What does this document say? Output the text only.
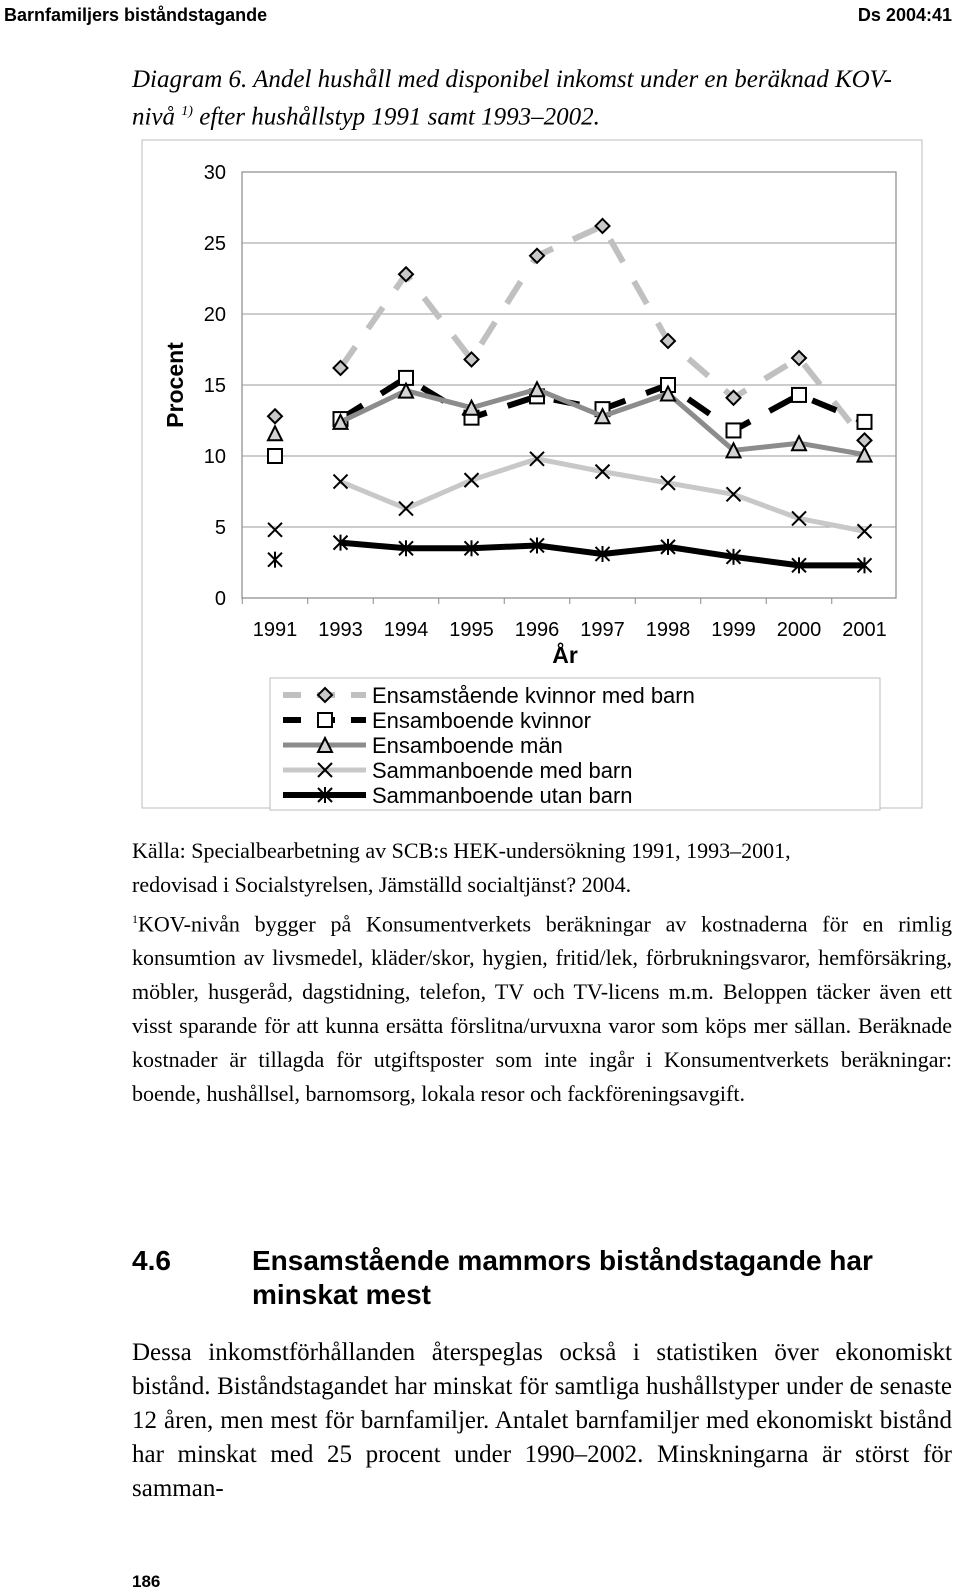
Barnfamiljers biståndstagande	Ds 2004:41

Diagram 6. Andel hushåll med disponibel inkomst under en beräknad KOV-
nivå $^{1)}$ efter hushållstyp 1991 samt 1993–2002.

0
5
10
15
20
25
30
1991 1993 1994 1995 1996 1997 1998 1999 2000 2001
Procent
År
Ensamstående kvinnor med barn
Ensamboende kvinnor
Ensamboende män
Sammanboende med barn
Sammanboende utan barn

Källa: Specialbearbetning av SCB:s HEK-undersökning 1991, 1993–2001,
redovisad i Socialstyrelsen, Jämställd socialtjänst? 2004.

$^1$KOV-nivån bygger på Konsumentverkets beräkningar av kostnaderna för en rimlig konsumtion av livsmedel, kläder/skor, hygien, fritid/lek, förbrukningsvaror, hemförsäkring, möbler, husgeråd, dagstidning, telefon, TV och TV-licens m.m. Beloppen täcker även ett visst sparande för att kunna ersätta förslitna/urvuxna varor som köps mer sällan. Beräknade kostnader är tillagda för utgiftsposter som inte ingår i Konsumentverkets beräkningar: boende, hushållsel, barnomsorg, lokala resor och fackföreningsavgift.

4.6	Ensamstående mammors biståndstagande har minskat mest

Dessa inkomstförhållanden återspeglas också i statistiken över ekonomiskt bistånd. Biståndstagandet har minskat för samtliga hushållstyper under de senaste 12 åren, men mest för barnfamiljer. Antalet barnfamiljer med ekonomiskt bistånd har minskat med 25 procent under 1990–2002. Minskningarna är störst för samman-

186
